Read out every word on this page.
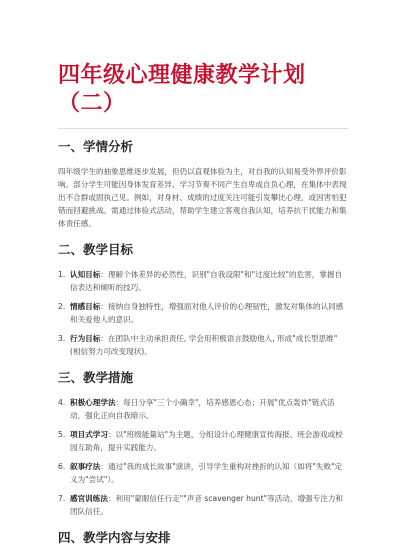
四年级心理健康教学计划（二）
一、学情分析

四年级学生的抽象思维逐步发展，但仍以直观体验为主，对自我的认知易受外界评价影响。部分学生可能因身体发育差异、学习节奏不同产生自卑或自负心理，在集体中表现出不合群或固执己见。例如，对身材、成绩的过度关注可能引发攀比心理，或因害怕犯错而回避挑战。需通过体验式活动，帮助学生建立客观自我认知，培养抗干扰能力和集体责任感。

二、教学目标
1. 认知目标：理解个体差异的必然性，识别"自我设限"和"过度比较"的危害，掌握自信表达和倾听的技巧。
2. 情感目标：接纳自身独特性，增强面对他人评价的心理韧性，激发对集体的认同感和关爱他人的意识。
3. 行为目标：在团队中主动承担责任, 学会用积极语言鼓励他人, 形成"成长型思维" (相信努力可改变现状)。
三、教学措施
4. 积极心理学法：每日分享"三个小确幸"，培养感恩心态；开展"优点轰炸"链式活动，强化正向自我暗示。
5. 项目式学习：以"班级能量站"为主题，分组设计心理健康宣传海报、班会游戏或校园互助角，提升实践能力。
6. 叙事疗法：通过"我的成长故事"演讲，引导学生重构对挫折的认知（如将"失败"定义为"尝试"）。
7. 感官训练法：利用"蒙眼信任行走""声音 scavenger hunt"等活动，增强专注力和团队信任。
四、教学内容与安排
